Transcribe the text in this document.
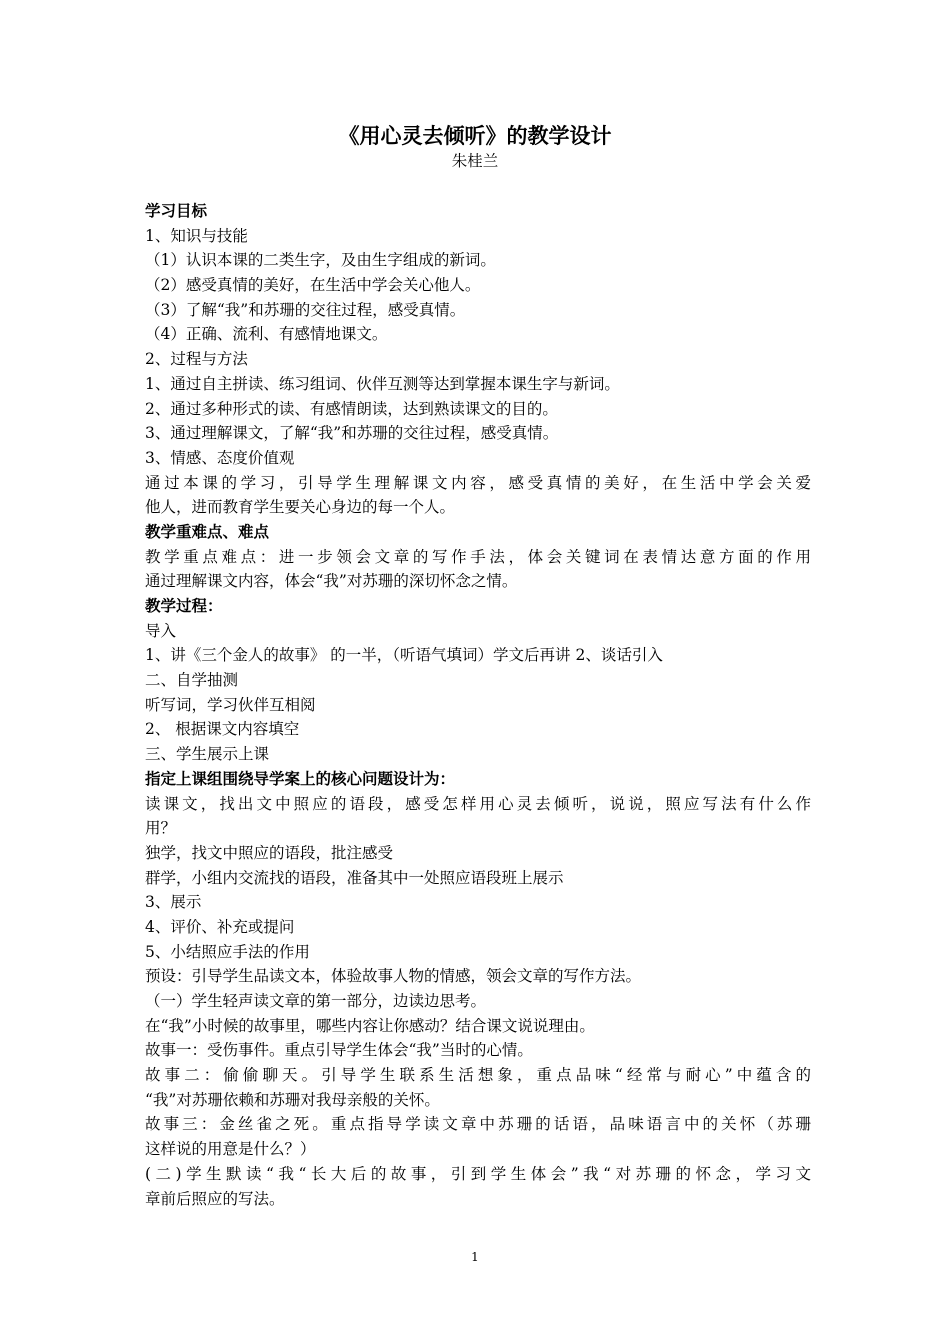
《用心灵去倾听》的教学设计
朱桂兰
学习目标
1、知识与技能
（1）认识本课的二类生字，及由生字组成的新词。
（2）感受真情的美好，在生活中学会关心他人。
（3）了解“我”和苏珊的交往过程，感受真情。
（4）正确、流利、有感情地课文。
2、过程与方法
1、通过自主拼读、练习组词、伙伴互测等达到掌握本课生字与新词。
2、通过多种形式的读、有感情朗读，达到熟读课文的目的。
3、通过理解课文，了解“我”和苏珊的交往过程，感受真情。
3、情感、态度价值观
通过本课的学习，引导学生理解课文内容，感受真情的美好，在生活中学会关爱
他人，进而教育学生要关心身边的每一个人。
教学重难点、难点
教学重点难点：进一步领会文章的写作手法，体会关键词在表情达意方面的作用
通过理解课文内容，体会“我”对苏珊的深切怀念之情。
教学过程：
导入
1、讲《三个金人的故事》 的一半，（听语气填词）学文后再讲 2、谈话引入
二、自学抽测
听写词，学习伙伴互相阅
2、 根据课文内容填空
三、学生展示上课
指定上课组围绕导学案上的核心问题设计为：
读课文，找出文中照应的语段，感受怎样用心灵去倾听，说说，照应写法有什么作
用？
独学，找文中照应的语段，批注感受
群学，小组内交流找的语段，准备其中一处照应语段班上展示
3、展示
4、评价、补充或提问
5、小结照应手法的作用
预设：引导学生品读文本，体验故事人物的情感，领会文章的写作方法。
（一）学生轻声读文章的第一部分，边读边思考。
在“我”小时候的故事里，哪些内容让你感动？结合课文说说理由。
故事一：受伤事件。重点引导学生体会“我”当时的心情。
故事二：偷偷聊天。引导学生联系生活想象，重点品味“经常与耐心”中蕴含的
“我”对苏珊依赖和苏珊对我母亲般的关怀。
故事三：金丝雀之死。重点指导学读文章中苏珊的话语，品味语言中的关怀（苏珊
这样说的用意是什么？）
(二)学生默读“我“长大后的故事，引到学生体会”我“对苏珊的怀念，学习文
章前后照应的写法。
1
